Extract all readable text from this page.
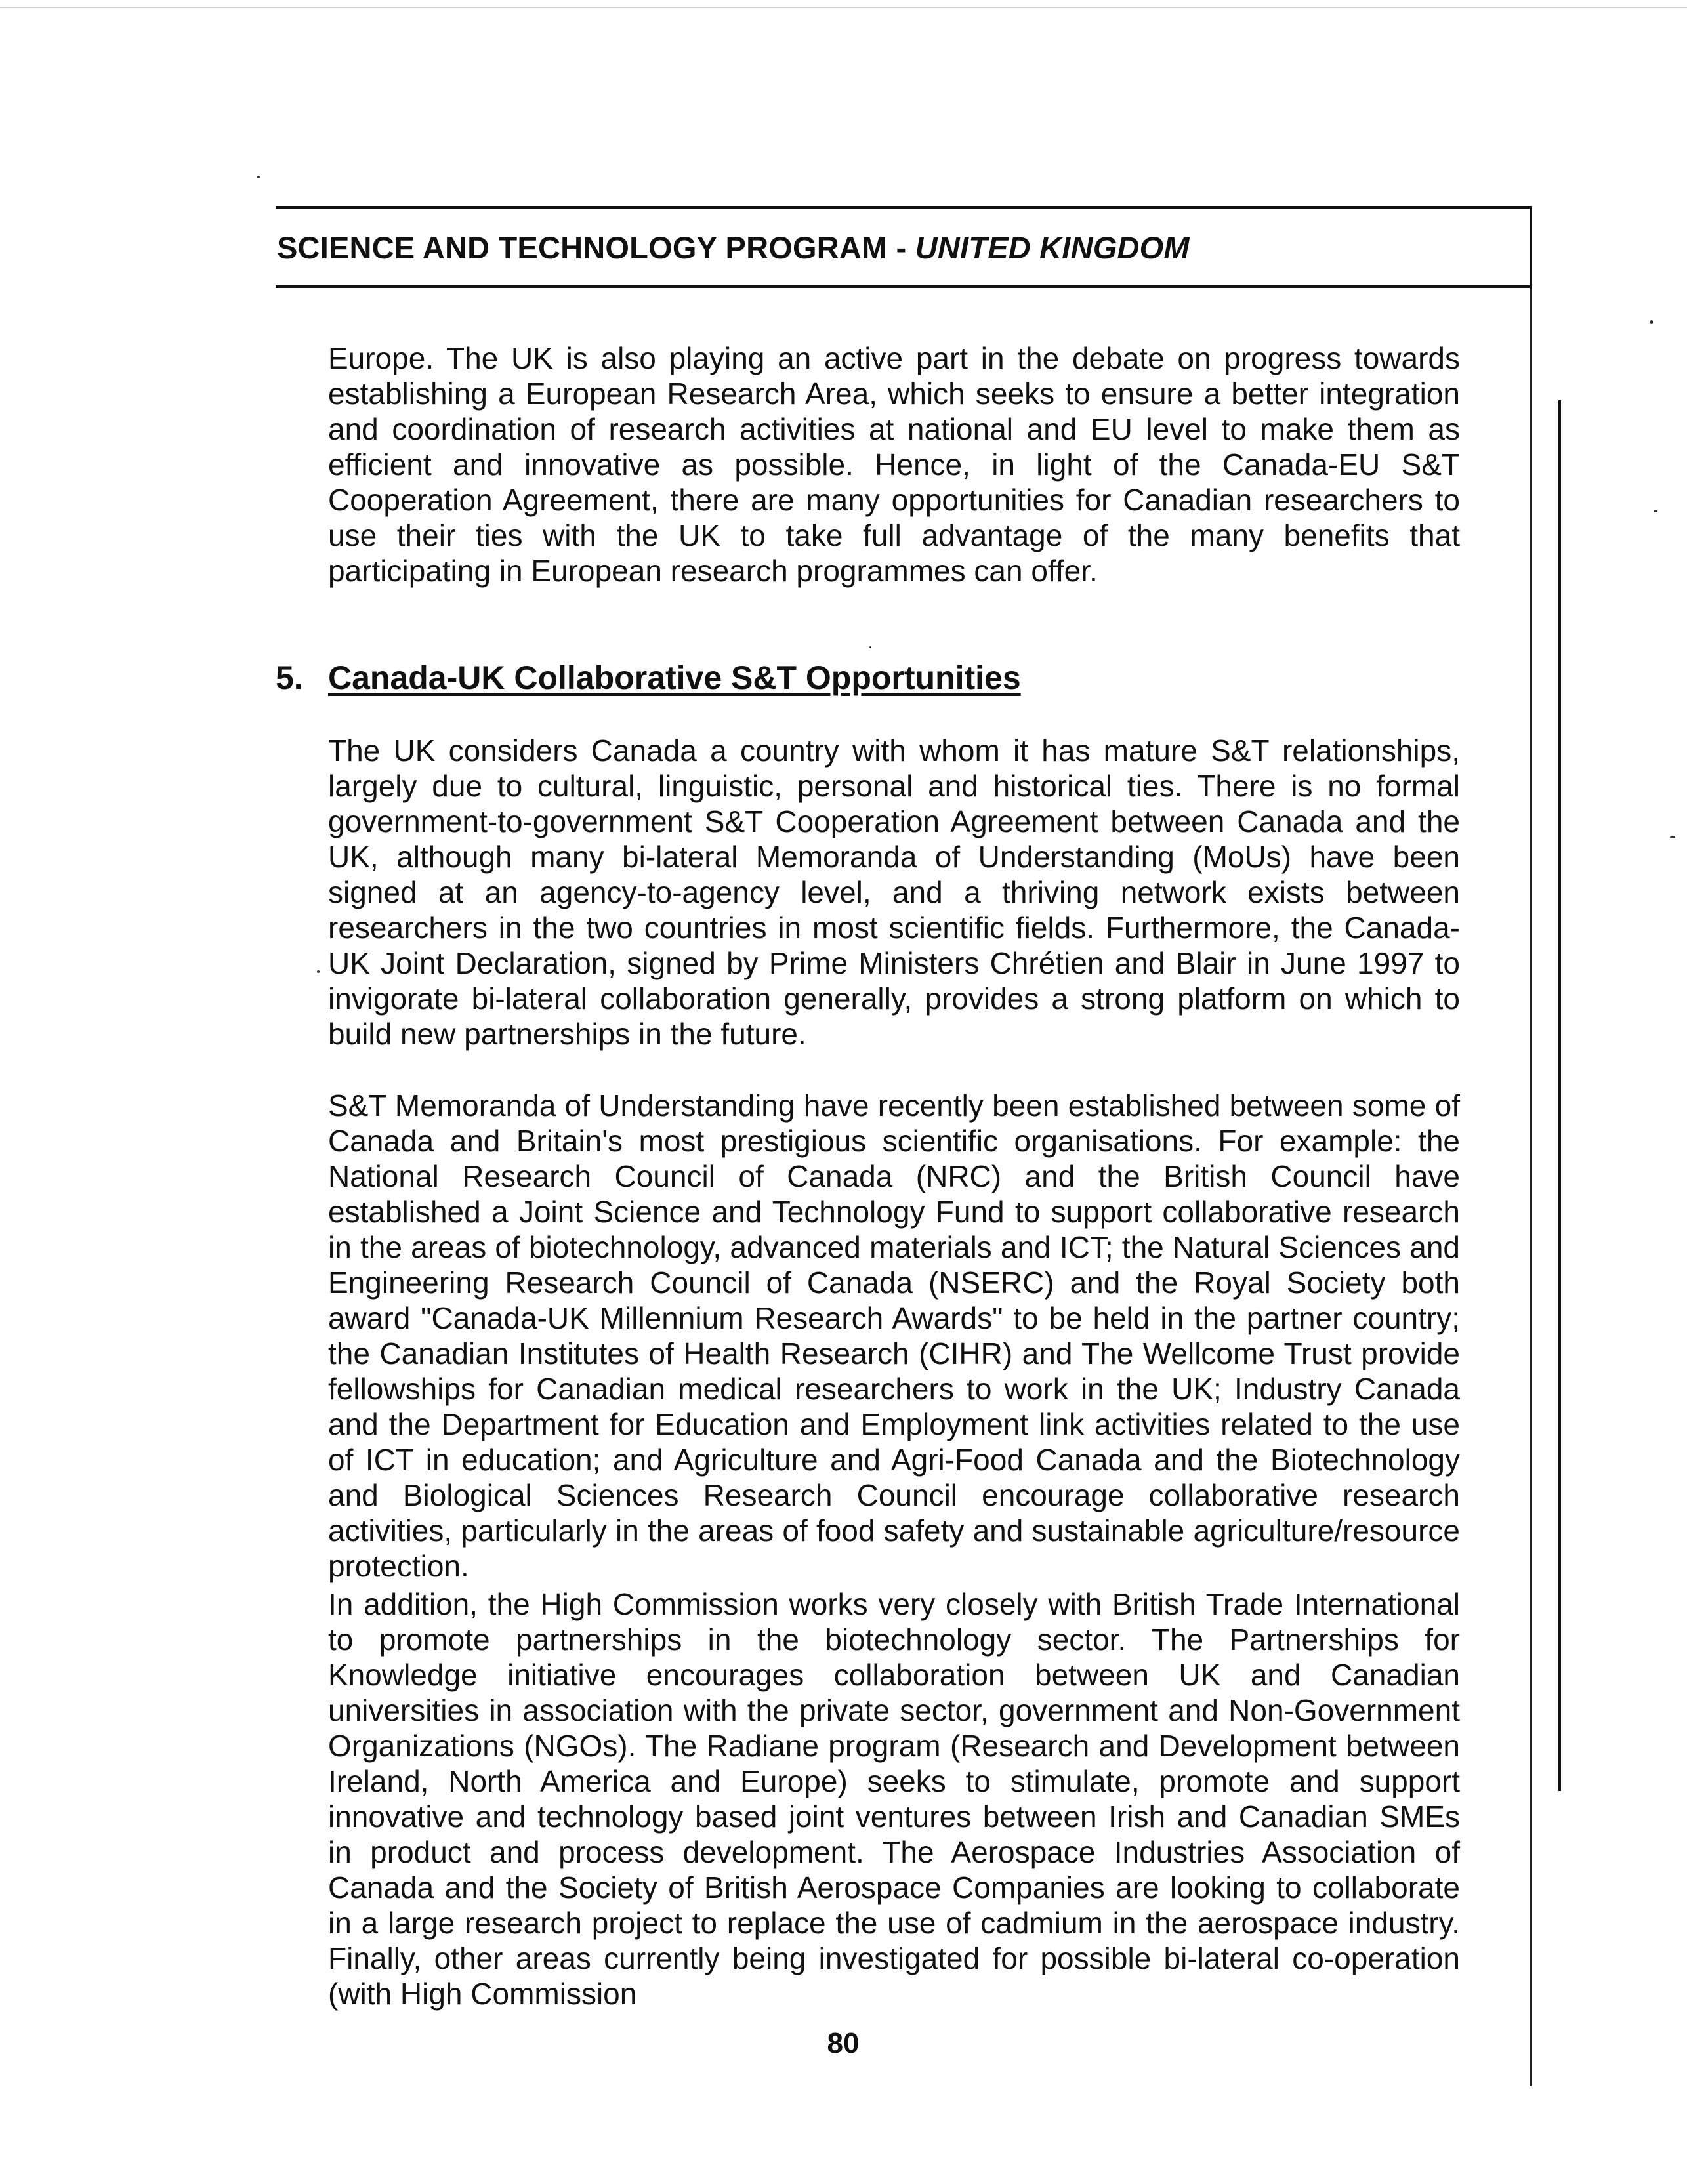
SCIENCE AND TECHNOLOGY PROGRAM - UNITED KINGDOM

Europe. The UK is also playing an active part in the debate on progress towards establishing a European Research Area, which seeks to ensure a better integration and coordination of research activities at national and EU level to make them as efficient and innovative as possible. Hence, in light of the Canada-EU S&T Cooperation Agreement, there are many opportunities for Canadian researchers to use their ties with the UK to take full advantage of the many benefits that participating in European research programmes can offer.

5. Canada-UK Collaborative S&T Opportunities

The UK considers Canada a country with whom it has mature S&T relationships, largely due to cultural, linguistic, personal and historical ties. There is no formal government-to-government S&T Cooperation Agreement between Canada and the UK, although many bi-lateral Memoranda of Understanding (MoUs) have been signed at an agency-to-agency level, and a thriving network exists between researchers in the two countries in most scientific fields. Furthermore, the Canada-UK Joint Declaration, signed by Prime Ministers Chrétien and Blair in June 1997 to invigorate bi-lateral collaboration generally, provides a strong platform on which to build new partnerships in the future.

S&T Memoranda of Understanding have recently been established between some of Canada and Britain's most prestigious scientific organisations. For example: the National Research Council of Canada (NRC) and the British Council have established a Joint Science and Technology Fund to support collaborative research in the areas of biotechnology, advanced materials and ICT; the Natural Sciences and Engineering Research Council of Canada (NSERC) and the Royal Society both award "Canada-UK Millennium Research Awards" to be held in the partner country; the Canadian Institutes of Health Research (CIHR) and The Wellcome Trust provide fellowships for Canadian medical researchers to work in the UK; Industry Canada and the Department for Education and Employment link activities related to the use of ICT in education; and Agriculture and Agri-Food Canada and the Biotechnology and Biological Sciences Research Council encourage collaborative research activities, particularly in the areas of food safety and sustainable agriculture/resource protection.

In addition, the High Commission works very closely with British Trade International to promote partnerships in the biotechnology sector. The Partnerships for Knowledge initiative encourages collaboration between UK and Canadian universities in association with the private sector, government and Non-Government Organizations (NGOs). The Radiane program (Research and Development between Ireland, North America and Europe) seeks to stimulate, promote and support innovative and technology based joint ventures between Irish and Canadian SMEs in product and process development. The Aerospace Industries Association of Canada and the Society of British Aerospace Companies are looking to collaborate in a large research project to replace the use of cadmium in the aerospace industry. Finally, other areas currently being investigated for possible bi-lateral co-operation (with High Commission

80
